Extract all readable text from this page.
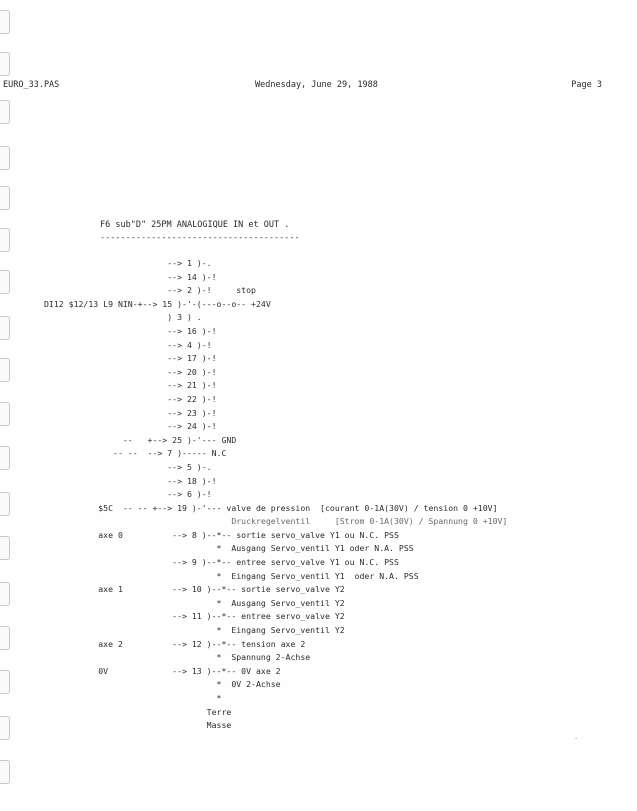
EURO_33.PAS	Wednesday, June 29, 1988	Page 3
F6 sub"D" 25PM ANALOGIQUE IN et OUT .
---------------------------------------
--> 1 )-.
--> 14 )-!
--> 2 )-!     stop
DI12 $12/13 L9 NIN-+--> 15 )-'-(---o--o-- +24V
) 3 ) .
--> 16 )-!
--> 4 )-!
--> 17 )-!
--> 20 )-!
--> 21 )-!
--> 22 )-!
--> 23 )-!
--> 24 )-!
--   +--> 25 )-'--- GND
-- --  --> 7 )----- N.C
--> 5 )-.
--> 18 )-!
--> 6 )-!
$5C  -- -- +--> 19 )-'--- valve de pression  [courant 0-1A(30V) / tension 0 +10V]
Druckregelventil     [Strom 0-1A(30V) / Spannung 0 +10V]
axe 0          --> 8 )--*-- sortie servo_valve Y1 ou N.C. PSS
*  Ausgang Servo_ventil Y1 oder N.A. PSS
--> 9 )--*-- entree servo_valve Y1 ou N.C. PSS
*  Eingang Servo_ventil Y1  oder N.A. PSS
axe 1          --> 10 )--*-- sortie servo_valve Y2
*  Ausgang Servo_ventil Y2
--> 11 )--*-- entree servo_valve Y2
*  Eingang Servo_ventil Y2
axe 2          --> 12 )--*-- tension axe 2
*  Spannung 2-Achse
0V             --> 13 )--*-- 0V axe 2
*  0V 2-Achse
*
Terre
Masse
·
